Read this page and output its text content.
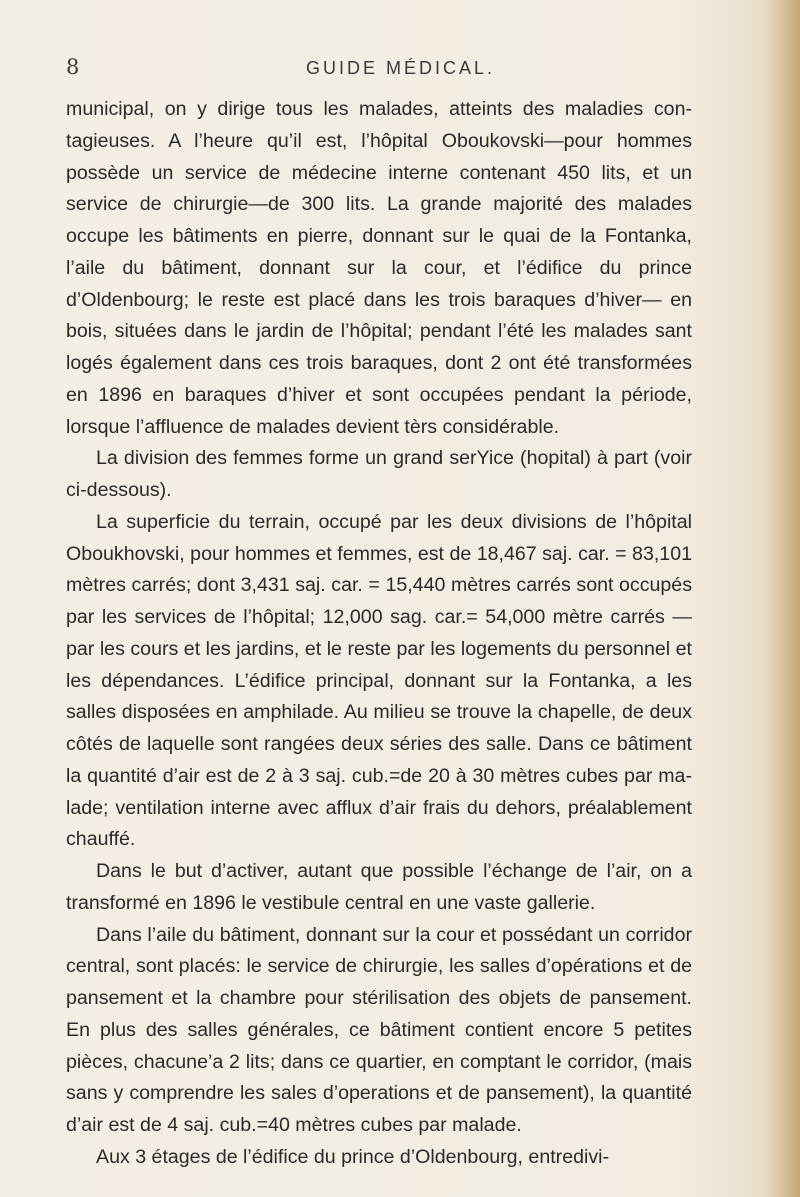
8	GUIDE MÉDICAL.

municipal, on y dirige tous les malades, atteints des maladies contagieuses. A l’heure qu’il est, l’hôpital Oboukovski—pour hommes possède un service de médecine interne contenant 450 lits, et un service de chirurgie—de 300 lits. La grande majorité des malades occupe les bâtiments en pierre, donnant sur le quai de la Fontanka, l’aile du bâtiment, donnant sur la cour, et l’édifice du prince d’Oldenbourg; le reste est placé dans les trois baraques d’hiver— en bois, situées dans le jardin de l’hôpital; pendant l’été les malades sant logés également dans ces trois baraques, dont 2 ont été transformées en 1896 en baraques d’hiver et sont occupées pendant la période, lorsque l’affluence de malades devient tèrs considérable.

La division des femmes forme un grand serYice (hopital) à part (voir ci-dessous).

La superficie du terrain, occupé par les deux divisions de l’hôpital Oboukhovski, pour hommes et femmes, est de 18,467 saj. car. = 83,101 mètres carrés; dont 3,431 saj. car. = 15,440 mètres carrés sont occupés par les services de l’hôpital; 12,000 sag. car.= 54,000 mètre carrés — par les cours et les jardins, et le reste par les logements du personnel et les dépendances. L’édifice principal, donnant sur la Fontanka, a les salles disposées en amphilade. Au milieu se trouve la chapelle, de deux côtés de laquelle sont rangées deux séries des salle. Dans ce bâtiment la quantité d’air est de 2 à 3 saj. cub.=de 20 à 30 mètres cubes par malade; ventilation interne avec afflux d’air frais du dehors, préalablement chauffé.

Dans le but d’activer, autant que possible l’échange de l’air, on a transformé en 1896 le vestibule central en une vaste gallerie.

Dans l’aile du bâtiment, donnant sur la cour et possédant un corridor central, sont placés: le service de chirurgie, les salles d’opérations et de pansement et la chambre pour stérilisation des objets de pansement. En plus des salles générales, ce bâtiment contient encore 5 petites pièces, chacune’a 2 lits; dans ce quartier, en comptant le corridor, (mais sans y comprendre les sales d’operations et de pansement), la quantité d’air est de 4 saj. cub.=40 mètres cubes par malade.

Aux 3 étages de l’édifice du prince d’Oldenbourg, entredivi-
